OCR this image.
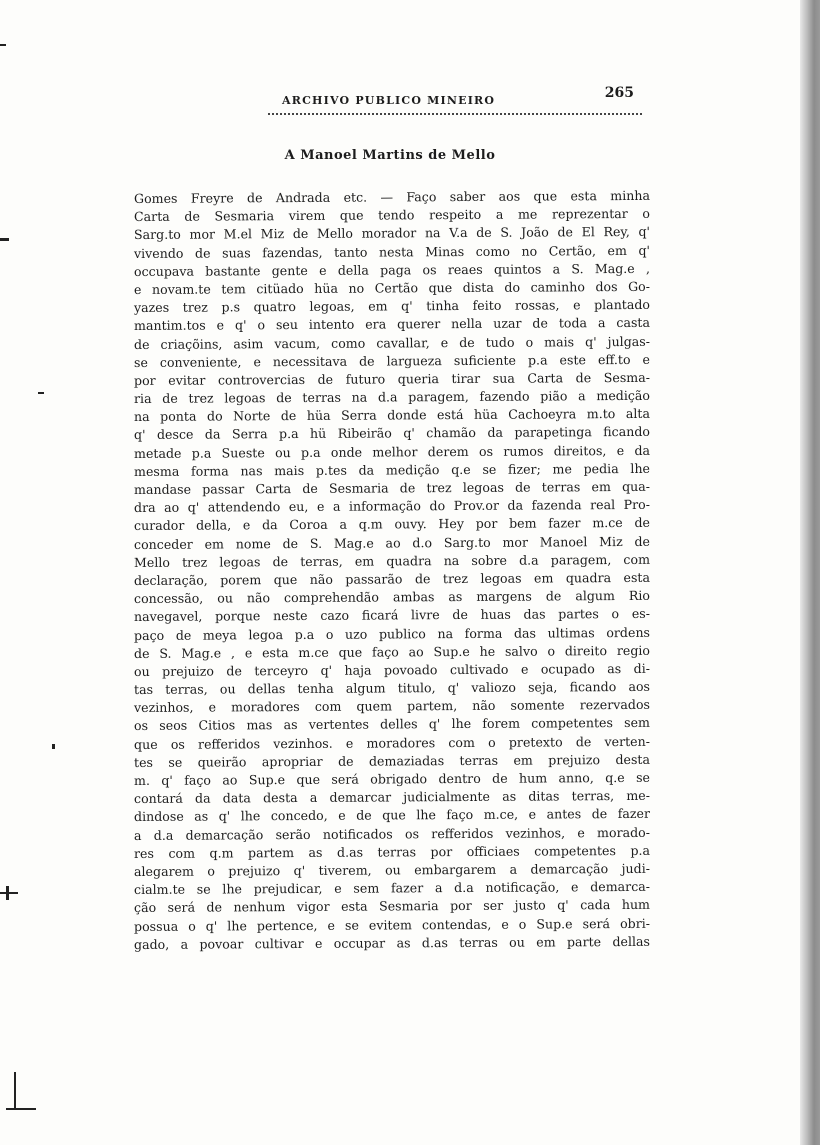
ARCHIVO PUBLICO MINEIRO	265
A Manoel Martins de Mello
Gomes Freyre de Andrada etc. — Faço saber aos que esta minha
Carta de Sesmaria virem que tendo respeito a me reprezentar o
Sarg.to mor M.el Miz de Mello morador na V.a de S. João de El Rey, q'
vivendo de suas fazendas, tanto nesta Minas como no Certão, em q'
occupava bastante gente e della paga os reaes quintos a S. Mag.e ,
e novam.te tem citüado hüa no Certão que dista do caminho dos Go-
yazes trez p.s quatro legoas, em q' tinha feito rossas, e plantado
mantim.tos e q' o seu intento era querer nella uzar de toda a casta
de criaçõins, asim vacum, como cavallar, e de tudo o mais q' julgas-
se conveniente, e necessitava de largueza suficiente p.a este eff.to e
por evitar controvercias de futuro queria tirar sua Carta de Sesma-
ria de trez legoas de terras na d.a paragem, fazendo pião a medição
na ponta do Norte de hüa Serra donde está hüa Cachoeyra m.to alta
q' desce da Serra p.a hü Ribeirão q' chamão da parapetinga ficando
metade p.a Sueste ou p.a onde melhor derem os rumos direitos, e da
mesma forma nas mais p.tes da medição q.e se fizer; me pedia lhe
mandase passar Carta de Sesmaria de trez legoas de terras em qua-
dra ao q' attendendo eu, e a informação do Prov.or da fazenda real Pro-
curador della, e da Coroa a q.m ouvy. Hey por bem fazer m.ce de
conceder em nome de S. Mag.e ao d.o Sarg.to mor Manoel Miz de
Mello trez legoas de terras, em quadra na sobre d.a paragem, com
declaração, porem que não passarão de trez legoas em quadra esta
concessão, ou não comprehendão ambas as margens de algum Rio
navegavel, porque neste cazo ficará livre de huas das partes o es-
paço de meya legoa p.a o uzo publico na forma das ultimas ordens
de S. Mag.e , e esta m.ce que faço ao Sup.e he salvo o direito regio
ou prejuizo de terceyro q' haja povoado cultivado e ocupado as di-
tas terras, ou dellas tenha algum titulo, q' valiozo seja, ficando aos
vezinhos, e moradores com quem partem, não somente rezervados
os seos Citios mas as vertentes delles q' lhe forem competentes sem
que os refferidos vezinhos. e moradores com o pretexto de verten-
tes se queirão apropriar de demaziadas terras em prejuizo desta
m. q' faço ao Sup.e que será obrigado dentro de hum anno, q.e se
contará da data desta a demarcar judicialmente as ditas terras, me-
dindose as q' lhe concedo, e de que lhe faço m.ce, e antes de fazer
a d.a demarcação serão notificados os refferidos vezinhos, e morado-
res com q.m partem as d.as terras por officiaes competentes p.a
alegarem o prejuizo q' tiverem, ou embargarem a demarcação judi-
cialm.te se lhe prejudicar, e sem fazer a d.a notificação, e demarca-
ção será de nenhum vigor esta Sesmaria por ser justo q' cada hum
possua o q' lhe pertence, e se evitem contendas, e o Sup.e será obri-
gado, a povoar cultivar e occupar as d.as terras ou em parte dellas
